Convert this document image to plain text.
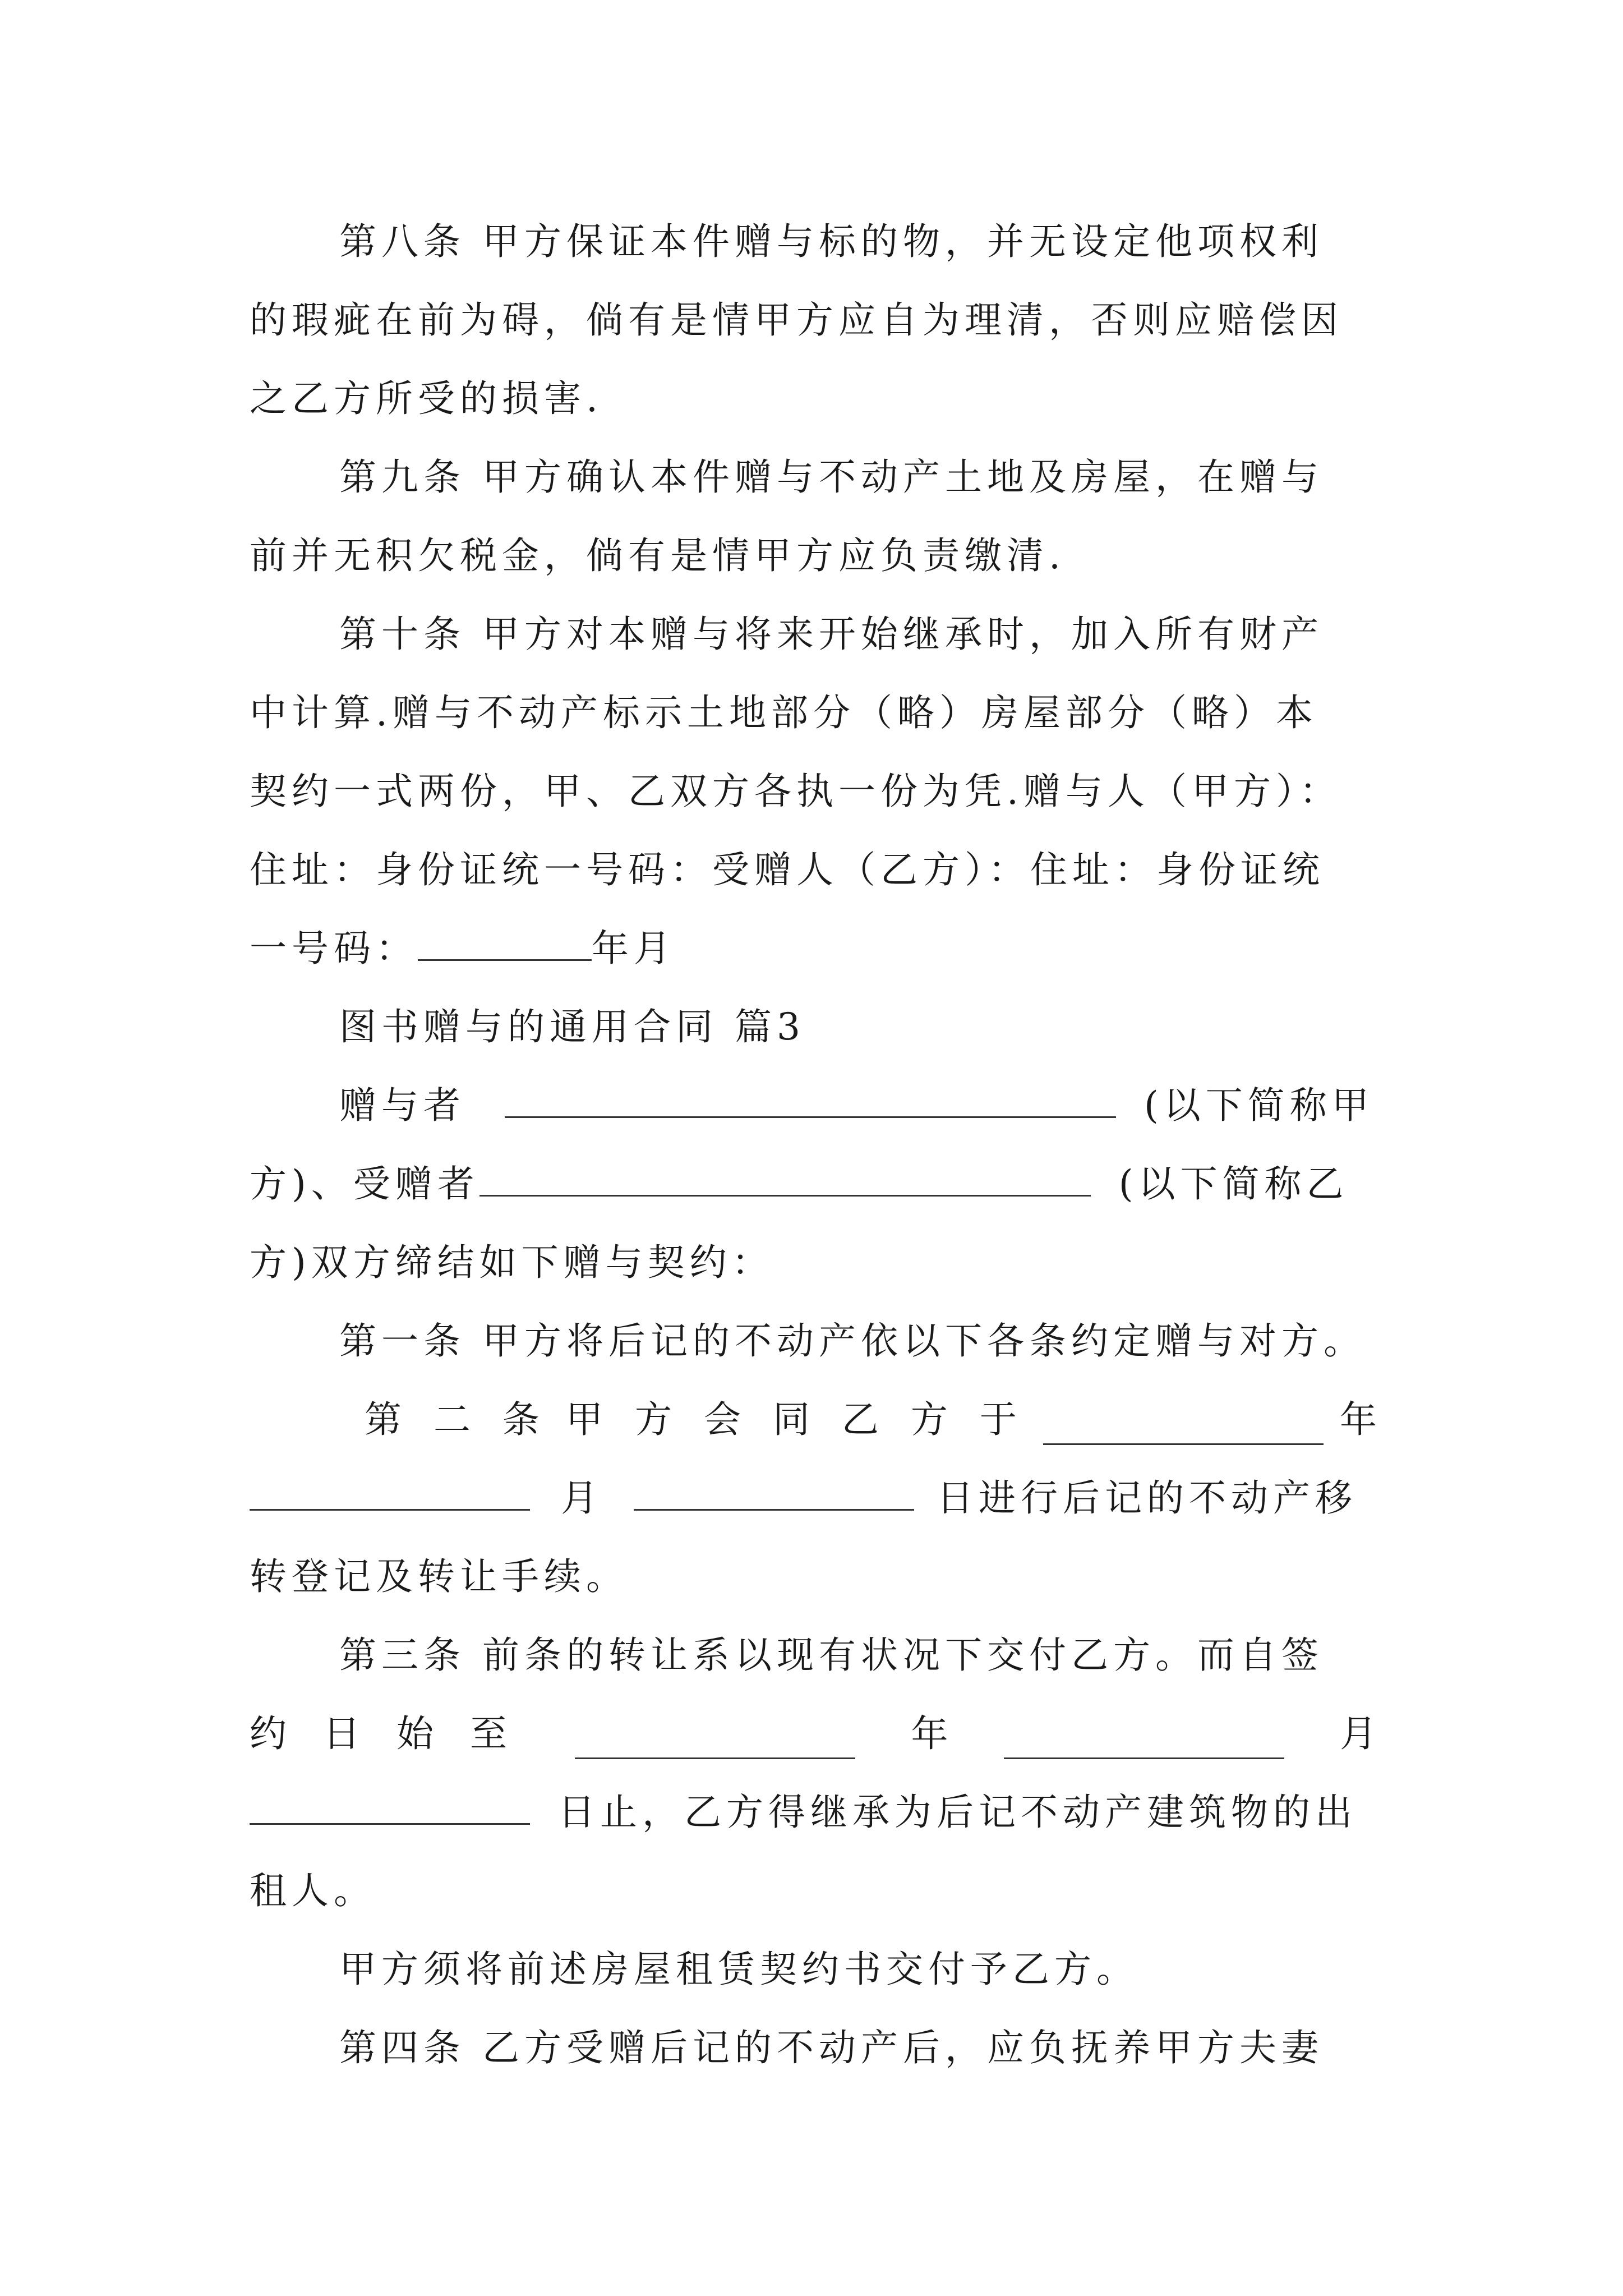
第八条 甲方保证本件赠与标的物，并无设定他项权利
的瑕疵在前为碍，倘有是情甲方应自为理清，否则应赔偿因
之乙方所受的损害.
第九条 甲方确认本件赠与不动产土地及房屋，在赠与
前并无积欠税金，倘有是情甲方应负责缴清.
第十条 甲方对本赠与将来开始继承时，加入所有财产
中计算.赠与不动产标示土地部分（略）房屋部分（略）本
契约一式两份，甲、乙双方各执一份为凭.赠与人（甲方）：
住址：身份证统一号码：受赠人（乙方）：住址：身份证统
一号码：	年月
图书赠与的通用合同 篇3
赠与者	(以下简称甲
方)、受赠者	(以下简称乙
方)双方缔结如下赠与契约：
第一条 甲方将后记的不动产依以下各条约定赠与对方。
第 二 条 甲 方 会 同 乙 方 于	年
月	日进行后记的不动产移
转登记及转让手续。
第三条 前条的转让系以现有状况下交付乙方。而自签
约 日 始 至	年	月
日止，乙方得继承为后记不动产建筑物的出
租人。
甲方须将前述房屋租赁契约书交付予乙方。
第四条 乙方受赠后记的不动产后，应负抚养甲方夫妻
